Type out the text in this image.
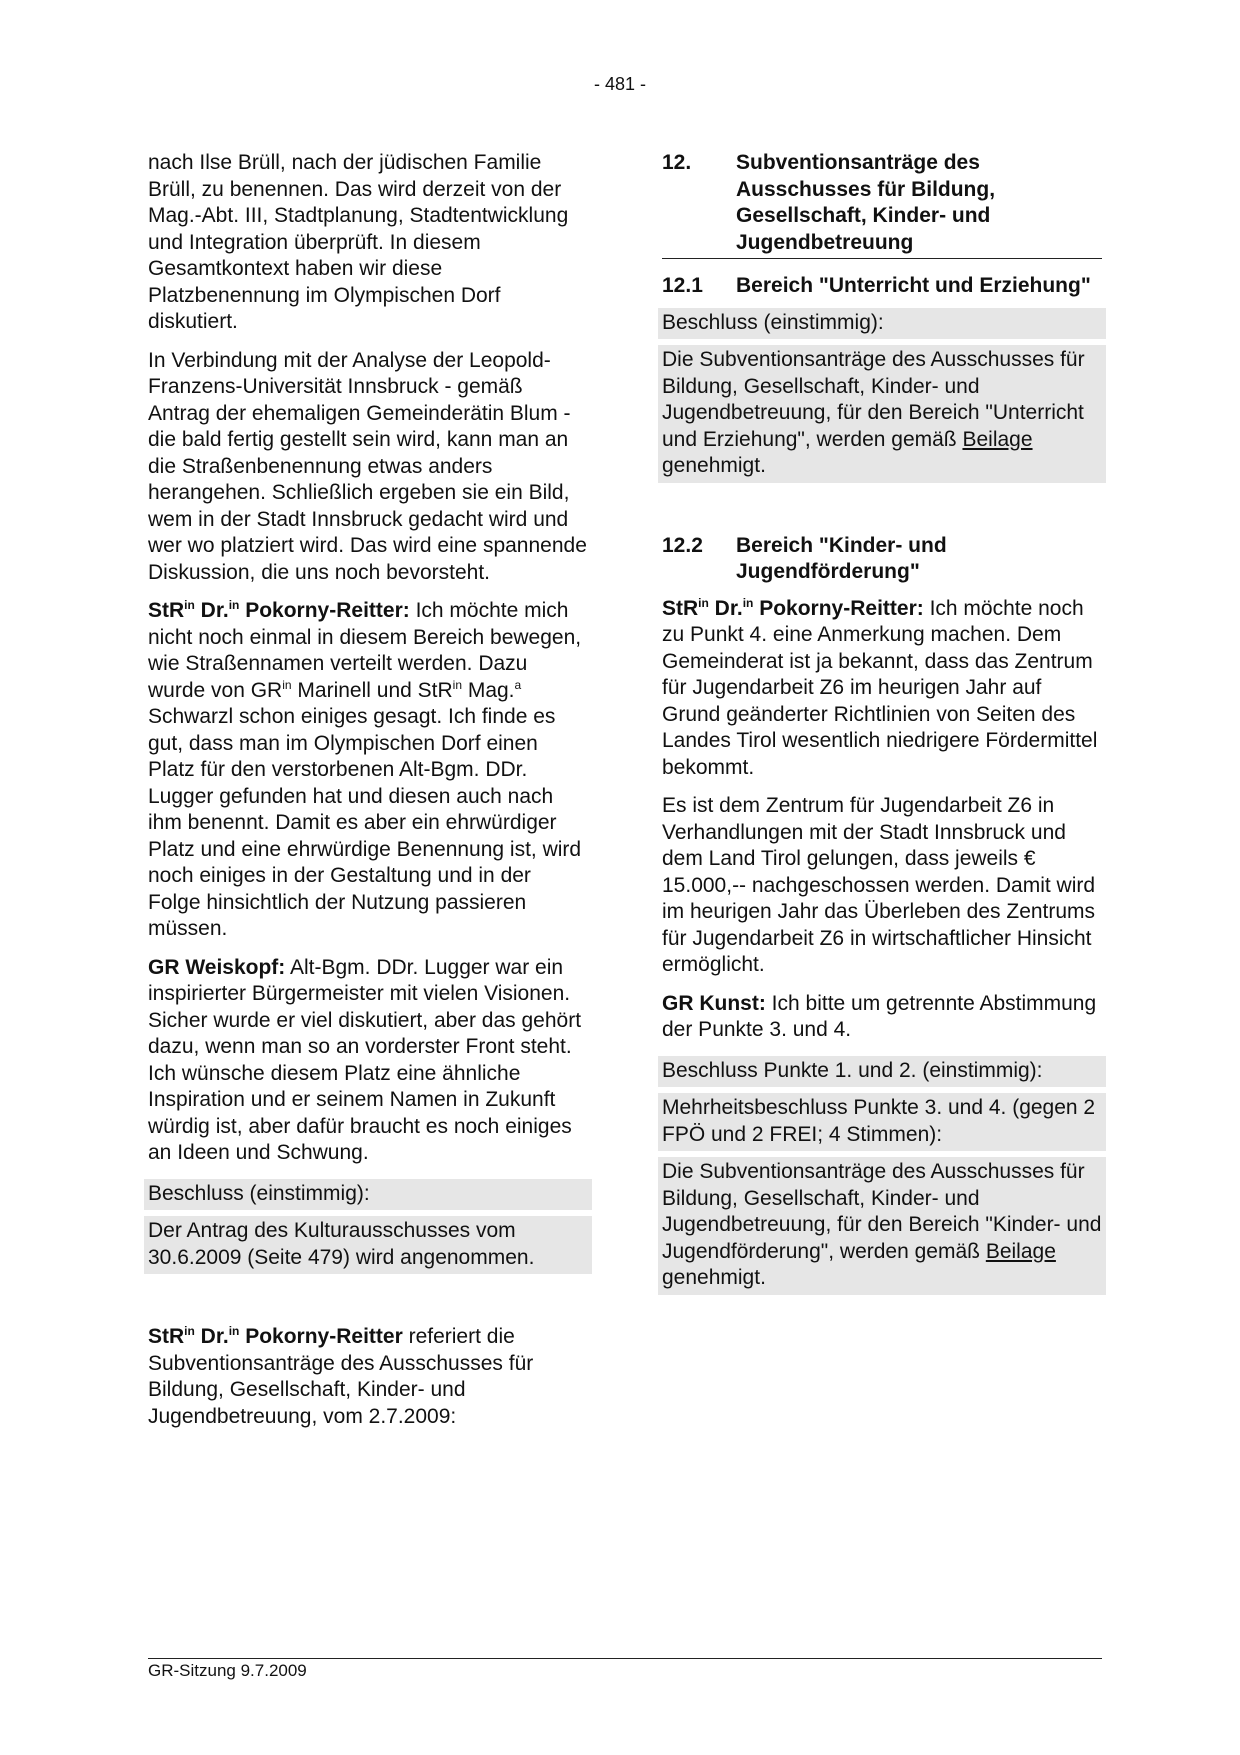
- 481 -

nach Ilse Brüll, nach der jüdischen Familie Brüll, zu benennen. Das wird derzeit von der Mag.-Abt. III, Stadtplanung, Stadtentwicklung und Integration überprüft. In diesem Gesamtkontext haben wir diese Platzbenennung im Olympischen Dorf diskutiert.

In Verbindung mit der Analyse der Leopold-Franzens-Universität Innsbruck - gemäß Antrag der ehemaligen Gemeinderätin Blum - die bald fertig gestellt sein wird, kann man an die Straßenbenennung etwas anders herangehen. Schließlich ergeben sie ein Bild, wem in der Stadt Innsbruck gedacht wird und wer wo platziert wird. Das wird eine spannende Diskussion, die uns noch bevorsteht.

StR$^{in}$ Dr.$^{in}$ Pokorny-Reitter: Ich möchte mich nicht noch einmal in diesem Bereich bewegen, wie Straßennamen verteilt werden. Dazu wurde von $GR^{in}$ Marinell und StR$^{in}$ Mag.$^a$ Schwarzl schon einiges gesagt. Ich finde es gut, dass man im Olympischen Dorf einen Platz für den verstorbenen Alt-Bgm. DDr. Lugger gefunden hat und diesen auch nach ihm benennt. Damit es aber ein ehrwürdiger Platz und eine ehrwürdige Benennung ist, wird noch einiges in der Gestaltung und in der Folge hinsichtlich der Nutzung passieren müssen.

GR Weiskopf: Alt-Bgm. DDr. Lugger war ein inspirierter Bürgermeister mit vielen Visionen. Sicher wurde er viel diskutiert, aber das gehört dazu, wenn man so an vorderster Front steht. Ich wünsche diesem Platz eine ähnliche Inspiration und er seinem Namen in Zukunft würdig ist, aber dafür braucht es noch einiges an Ideen und Schwung.

Beschluss (einstimmig):

Der Antrag des Kulturausschusses vom 30.6.2009 (Seite 479) wird angenommen.

StR$^{in}$ Dr.$^{in}$ Pokorny-Reitter referiert die Subventionsanträge des Ausschusses für Bildung, Gesellschaft, Kinder- und Jugendbetreuung, vom 2.7.2009:

12.	Subventionsanträge des Ausschusses für Bildung, Gesellschaft, Kinder- und Jugendbetreuung
12.1	Bereich "Unterricht und Erziehung"

Beschluss (einstimmig):

Die Subventionsanträge des Ausschusses für Bildung, Gesellschaft, Kinder- und Jugendbetreuung, für den Bereich "Unterricht und Erziehung", werden gemäß Beilage genehmigt.

12.2	Bereich "Kinder- und Jugendförderung"

StR$^{in}$ Dr.$^{in}$ Pokorny-Reitter: Ich möchte noch zu Punkt 4. eine Anmerkung machen. Dem Gemeinderat ist ja bekannt, dass das Zentrum für Jugendarbeit Z6 im heurigen Jahr auf Grund geänderter Richtlinien von Seiten des Landes Tirol wesentlich niedrigere Fördermittel bekommt.

Es ist dem Zentrum für Jugendarbeit Z6 in Verhandlungen mit der Stadt Innsbruck und dem Land Tirol gelungen, dass jeweils € 15.000,-- nachgeschossen werden. Damit wird im heurigen Jahr das Überleben des Zentrums für Jugendarbeit Z6 in wirtschaftlicher Hinsicht ermöglicht.

GR Kunst: Ich bitte um getrennte Abstimmung der Punkte 3. und 4.

Beschluss Punkte 1. und 2. (einstimmig):

Mehrheitsbeschluss Punkte 3. und 4. (gegen 2 FPÖ und 2 FREI; 4 Stimmen):

Die Subventionsanträge des Ausschusses für Bildung, Gesellschaft, Kinder- und Jugendbetreuung, für den Bereich "Kinder- und Jugendförderung", werden gemäß Beilage genehmigt.

GR-Sitzung 9.7.2009
